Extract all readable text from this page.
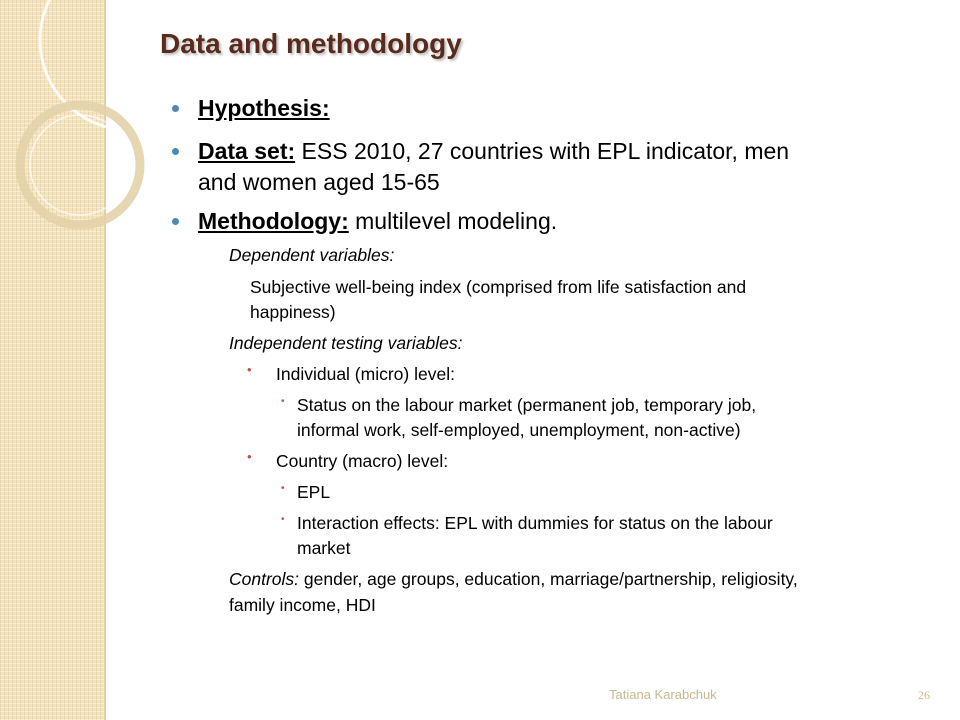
Data and methodology
Hypothesis:
Data set: ESS 2010, 27 countries with EPL indicator, men
and women aged 15-65
Methodology: multilevel modeling.
Dependent variables:
Subjective well-being index (comprised from life satisfaction and
happiness)
Independent testing variables:
• Individual (micro) level:
• Status on the labour market (permanent job, temporary job,
informal work, self-employed, unemployment, non-active)
• Country (macro) level:
• EPL
• Interaction effects: EPL with dummies for status on the labour
market
Controls: gender, age groups, education, marriage/partnership, religiosity,
family income, HDI
Tatiana Karabchuk	26
